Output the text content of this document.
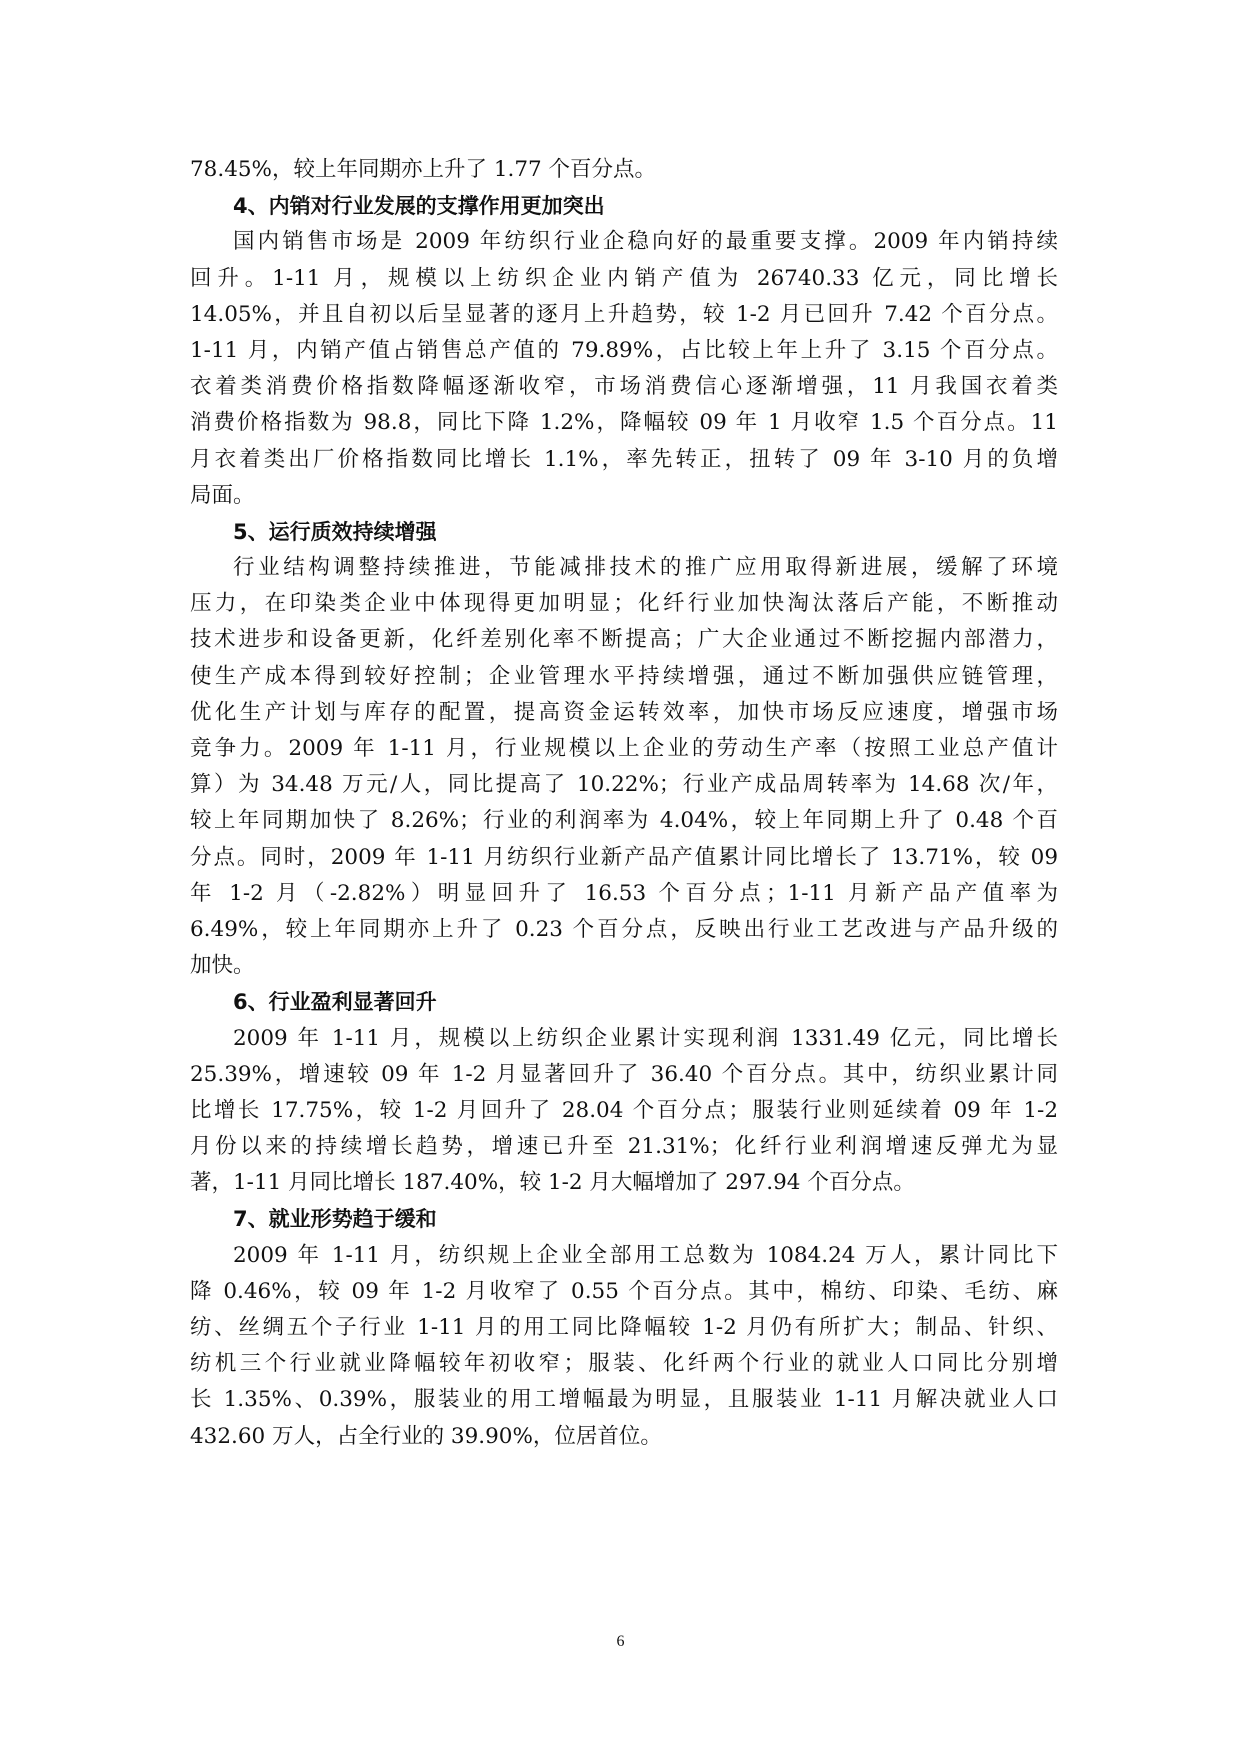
78.45%，较上年同期亦上升了 1.77 个百分点。
4、内销对行业发展的支撑作用更加突出
国内销售市场是 2009 年纺织行业企稳向好的最重要支撑。2009 年内销持续
回升。1-11 月，规模以上纺织企业内销产值为 26740.33 亿元，同比增长
14.05%，并且自初以后呈显著的逐月上升趋势，较 1-2 月已回升 7.42 个百分点。
1-11 月，内销产值占销售总产值的 79.89%，占比较上年上升了 3.15 个百分点。
衣着类消费价格指数降幅逐渐收窄，市场消费信心逐渐增强，11 月我国衣着类
消费价格指数为 98.8，同比下降 1.2%，降幅较 09 年 1 月收窄 1.5 个百分点。11
月衣着类出厂价格指数同比增长 1.1%，率先转正，扭转了 09 年 3-10 月的负增
局面。
5、运行质效持续增强
行业结构调整持续推进，节能减排技术的推广应用取得新进展，缓解了环境
压力，在印染类企业中体现得更加明显；化纤行业加快淘汰落后产能，不断推动
技术进步和设备更新，化纤差别化率不断提高；广大企业通过不断挖掘内部潜力，
使生产成本得到较好控制；企业管理水平持续增强，通过不断加强供应链管理，
优化生产计划与库存的配置，提高资金运转效率，加快市场反应速度，增强市场
竞争力。2009 年 1-11 月，行业规模以上企业的劳动生产率（按照工业总产值计
算）为 34.48 万元/人，同比提高了 10.22%；行业产成品周转率为 14.68 次/年，
较上年同期加快了 8.26%；行业的利润率为 4.04%，较上年同期上升了 0.48 个百
分点。同时，2009 年 1-11 月纺织行业新产品产值累计同比增长了 13.71%，较 09
年 1-2 月（-2.82%）明显回升了 16.53 个百分点；1-11 月新产品产值率为
6.49%，较上年同期亦上升了 0.23 个百分点，反映出行业工艺改进与产品升级的
加快。
6、行业盈利显著回升
2009 年 1-11 月，规模以上纺织企业累计实现利润 1331.49 亿元，同比增长
25.39%，增速较 09 年 1-2 月显著回升了 36.40 个百分点。其中，纺织业累计同
比增长 17.75%，较 1-2 月回升了 28.04 个百分点；服装行业则延续着 09 年 1-2
月份以来的持续增长趋势，增速已升至 21.31%；化纤行业利润增速反弹尤为显
著，1-11 月同比增长 187.40%，较 1-2 月大幅增加了 297.94 个百分点。
7、就业形势趋于缓和
2009 年 1-11 月，纺织规上企业全部用工总数为 1084.24 万人，累计同比下
降 0.46%，较 09 年 1-2 月收窄了 0.55 个百分点。其中，棉纺、印染、毛纺、麻
纺、丝绸五个子行业 1-11 月的用工同比降幅较 1-2 月仍有所扩大；制品、针织、
纺机三个行业就业降幅较年初收窄；服装、化纤两个行业的就业人口同比分别增
长 1.35%、0.39%，服装业的用工增幅最为明显，且服装业 1-11 月解决就业人口
432.60 万人，占全行业的 39.90%，位居首位。
6
